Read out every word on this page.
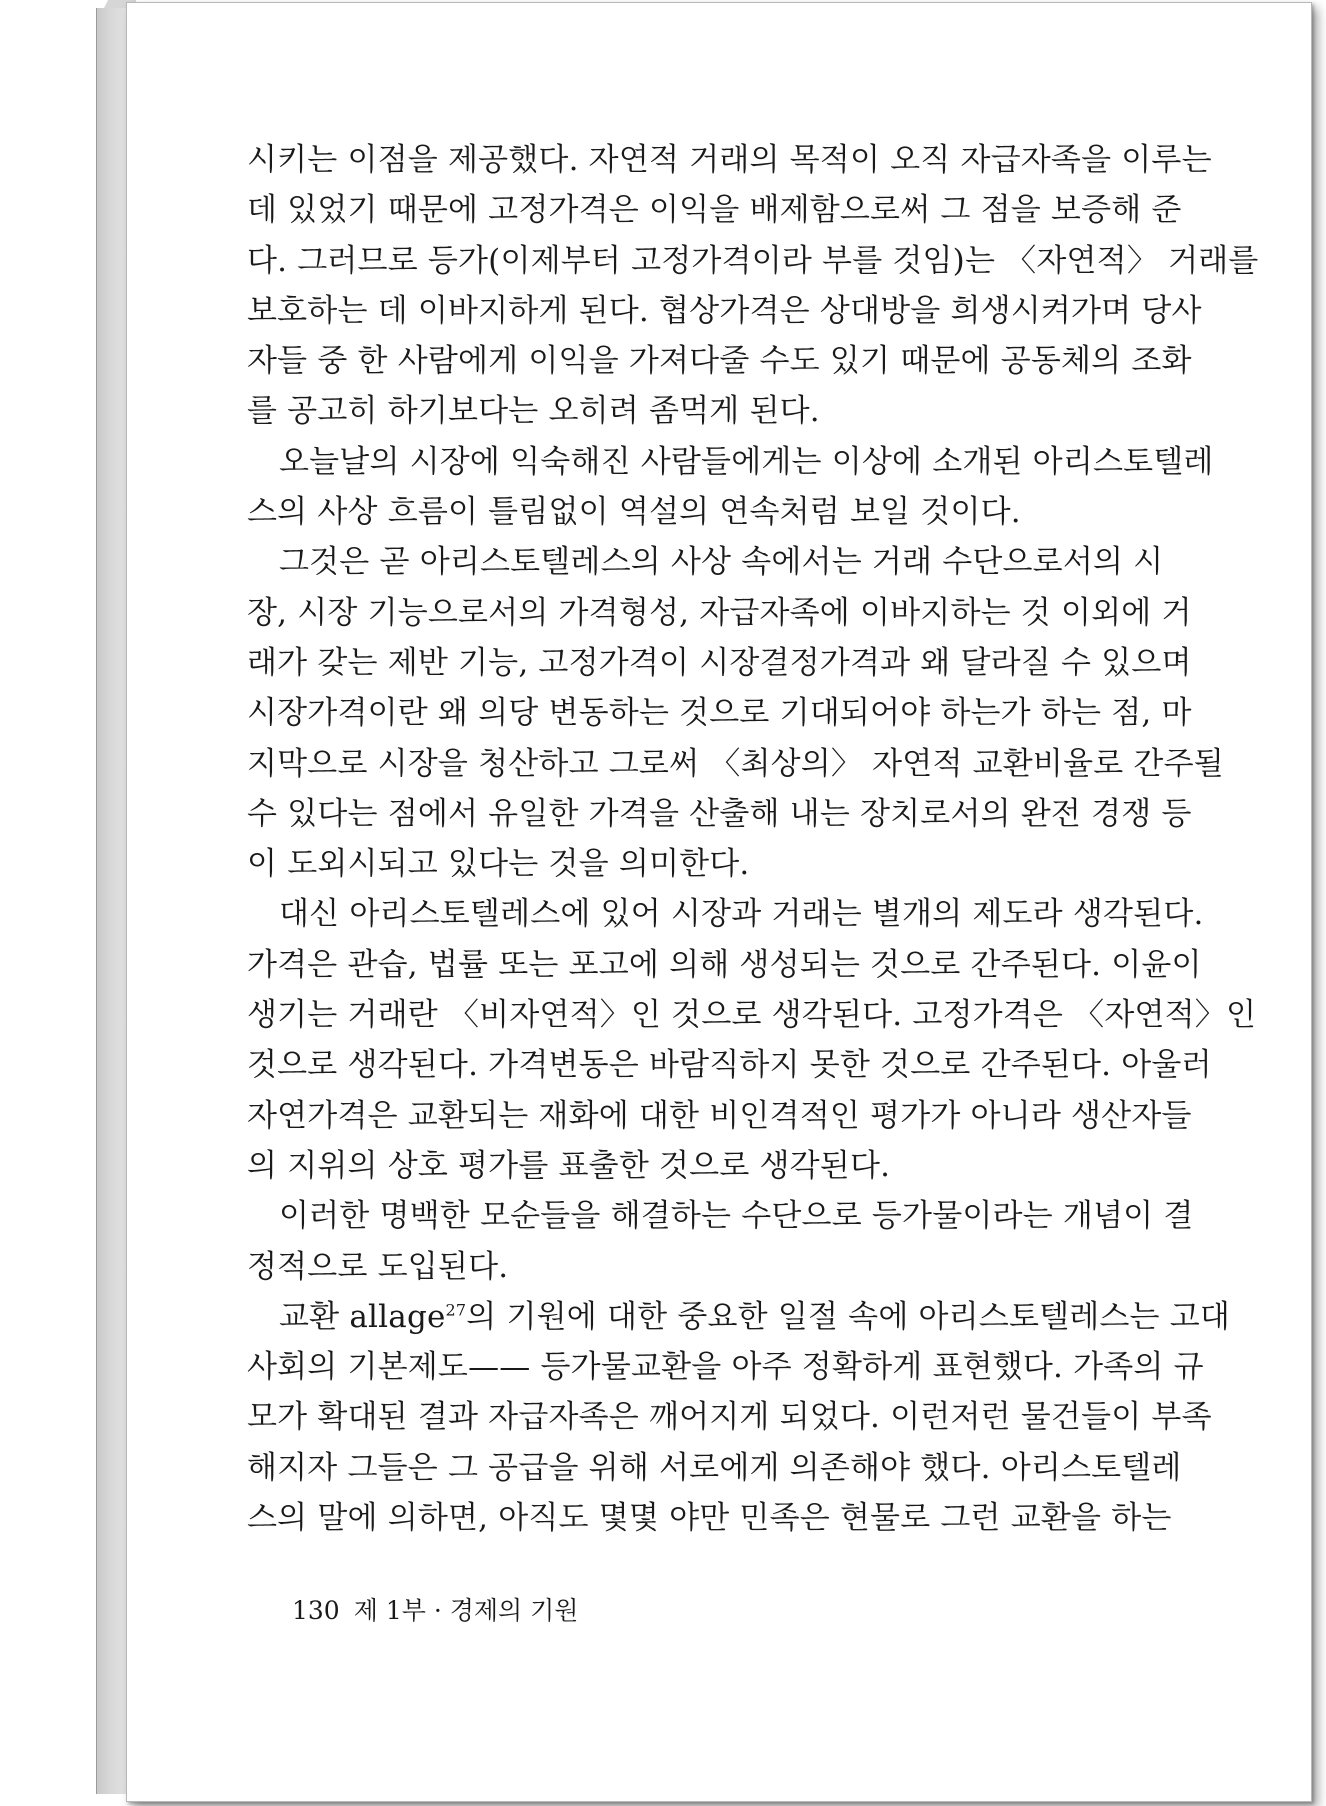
시키는 이점을 제공했다. 자연적 거래의 목적이 오직 자급자족을 이루는
데 있었기 때문에 고정가격은 이익을 배제함으로써 그 점을 보증해 준
다. 그러므로 등가(이제부터 고정가격이라 부를 것임)는 〈자연적〉 거래를
보호하는 데 이바지하게 된다. 협상가격은 상대방을 희생시켜가며 당사
자들 중 한 사람에게 이익을 가져다줄 수도 있기 때문에 공동체의 조화
를 공고히 하기보다는 오히려 좀먹게 된다.
오늘날의 시장에 익숙해진 사람들에게는 이상에 소개된 아리스토텔레
스의 사상 흐름이 틀림없이 역설의 연속처럼 보일 것이다.
그것은 곧 아리스토텔레스의 사상 속에서는 거래 수단으로서의 시
장, 시장 기능으로서의 가격형성, 자급자족에 이바지하는 것 이외에 거
래가 갖는 제반 기능, 고정가격이 시장결정가격과 왜 달라질 수 있으며
시장가격이란 왜 의당 변동하는 것으로 기대되어야 하는가 하는 점, 마
지막으로 시장을 청산하고 그로써 〈최상의〉 자연적 교환비율로 간주될
수 있다는 점에서 유일한 가격을 산출해 내는 장치로서의 완전 경쟁 등
이 도외시되고 있다는 것을 의미한다.
대신 아리스토텔레스에 있어 시장과 거래는 별개의 제도라 생각된다.
가격은 관습, 법률 또는 포고에 의해 생성되는 것으로 간주된다. 이윤이
생기는 거래란 〈비자연적〉인 것으로 생각된다. 고정가격은 〈자연적〉인
것으로 생각된다. 가격변동은 바람직하지 못한 것으로 간주된다. 아울러
자연가격은 교환되는 재화에 대한 비인격적인 평가가 아니라 생산자들
의 지위의 상호 평가를 표출한 것으로 생각된다.
이러한 명백한 모순들을 해결하는 수단으로 등가물이라는 개념이 결
정적으로 도입된다.
교환 allage$^{27}$의 기원에 대한 중요한 일절 속에 아리스토텔레스는 고대
사회의 기본제도—— 등가물교환을 아주 정확하게 표현했다. 가족의 규
모가 확대된 결과 자급자족은 깨어지게 되었다. 이런저런 물건들이 부족
해지자 그들은 그 공급을 위해 서로에게 의존해야 했다. 아리스토텔레
스의 말에 의하면, 아직도 몇몇 야만 민족은 현물로 그런 교환을 하는
130 제 1부 · 경제의 기원
